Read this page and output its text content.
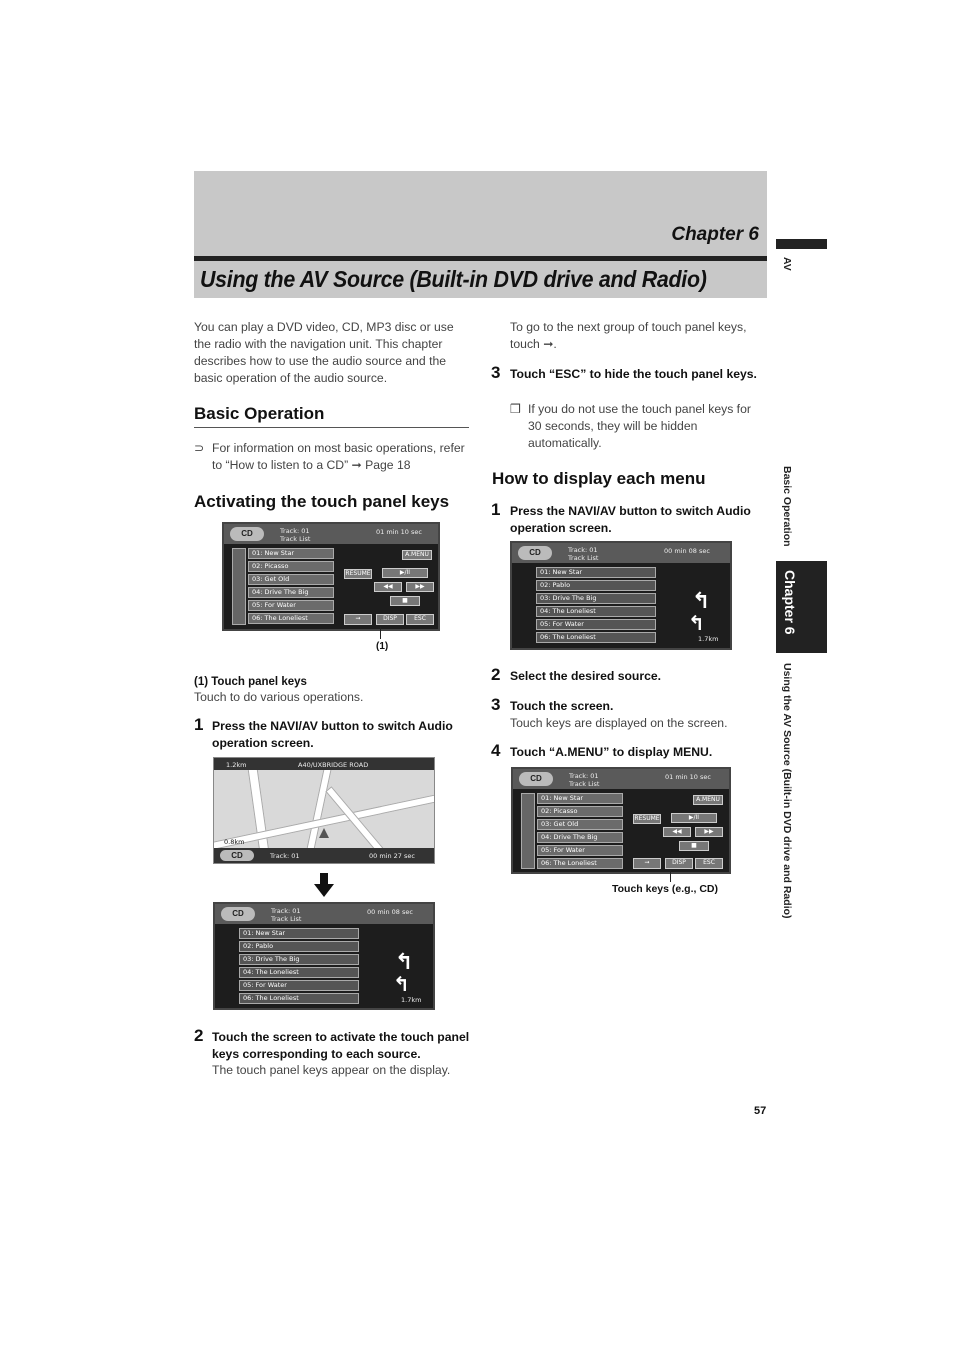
Chapter 6
Using the AV Source (Built-in DVD drive and Radio)
AV
Basic Operation
Chapter 6
Using the AV Source (Built-in DVD drive and Radio)
You can play a DVD video, CD, MP3 disc or use the radio with the navigation unit. This chapter describes how to use the audio source and the basic operation of the audio source.
Basic Operation
⊃ For information on most basic operations, refer to “How to listen to a CD” ➞ Page 18
Activating the touch panel keys
CD	Track: 01
Track List
01 min 10 sec
01: New Star
02: Picasso
03: Get Old
04: Drive The Big
05: For Water
06: The Loneliest
A.MENU
RESUME	▶/II
◀◀	▶▶
■
➞	DISP	ESC
(1)
(1) Touch panel keys
Touch to do various operations.
1 Press the NAVI/AV button to switch Audio operation screen.
1.2km	A40/UXBRIDGE ROAD
0.8km
CD	Track: 01	00 min 27 sec
CD	Track: 01
Track List
00 min 08 sec
01: New Star
02: Pablo
03: Drive The Big
04: The Loneliest
05: For Water
06: The Loneliest
↰
↰
1.7km
2 Touch the screen to activate the touch panel keys corresponding to each source.
The touch panel keys appear on the display.
To go to the next group of touch panel keys, touch ➞.
3 Touch “ESC” to hide the touch panel keys.
❒ If you do not use the touch panel keys for 30 seconds, they will be hidden automatically.
How to display each menu
1 Press the NAVI/AV button to switch Audio operation screen.
CD	Track: 01
Track List
00 min 08 sec
01: New Star
02: Pablo
03: Drive The Big
04: The Loneliest
05: For Water
06: The Loneliest
↰
↰
1.7km
2 Select the desired source.
3 Touch the screen.
Touch keys are displayed on the screen.
4 Touch “A.MENU” to display MENU.
CD	Track: 01
Track List
01 min 10 sec
01: New Star
02: Picasso
03: Get Old
04: Drive The Big
05: For Water
06: The Loneliest
A.MENU
RESUME	▶/II
◀◀	▶▶
■
➞	DISP	ESC
Touch keys (e.g., CD)
57
